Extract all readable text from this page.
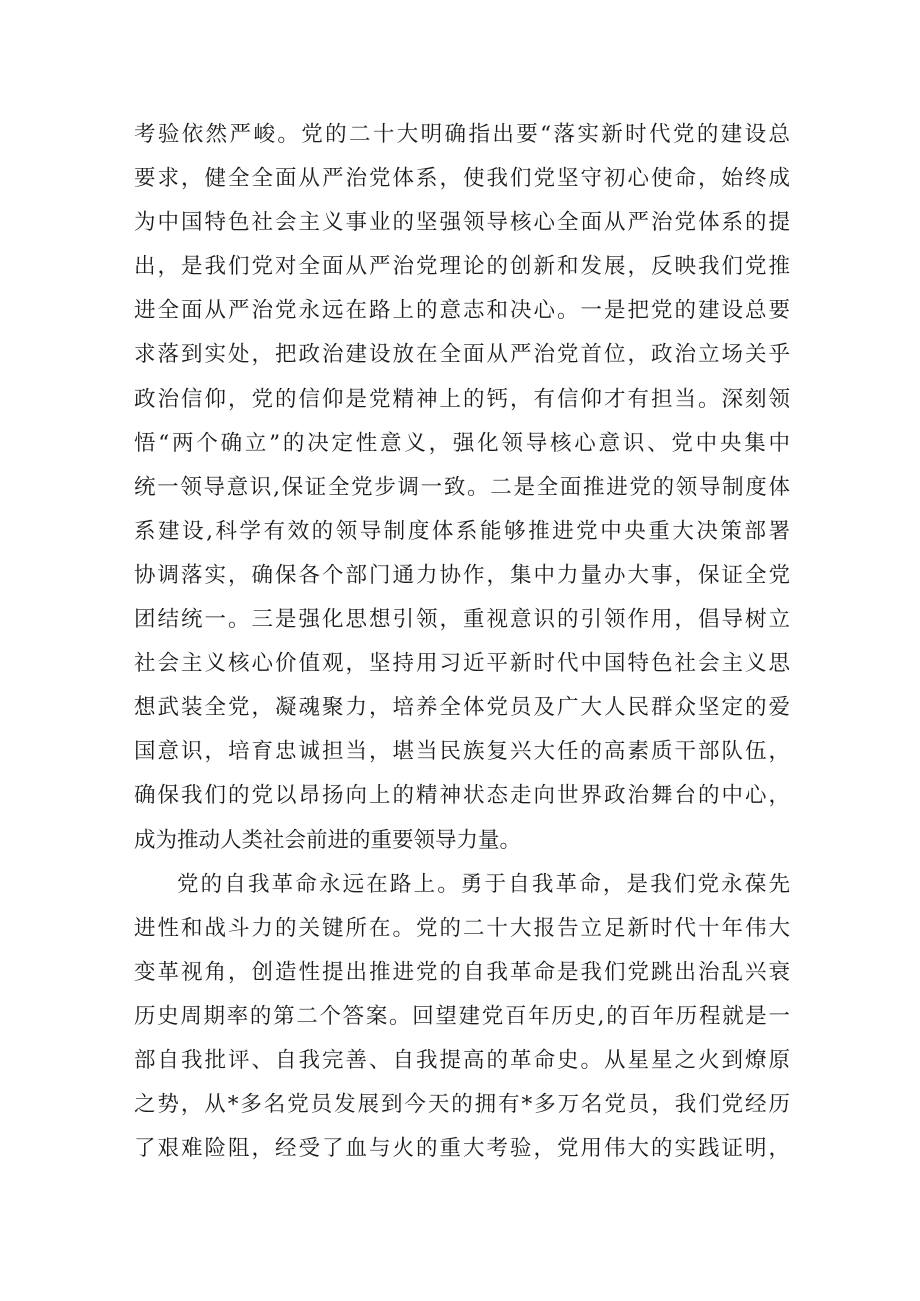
考验依然严峻。党的二十大明确指出要“落实新时代党的建设总
要求，健全全面从严治党体系，使我们党坚守初心使命，始终成
为中国特色社会主义事业的坚强领导核心全面从严治党体系的提
出，是我们党对全面从严治党理论的创新和发展，反映我们党推
进全面从严治党永远在路上的意志和决心。一是把党的建设总要
求落到实处，把政治建设放在全面从严治党首位，政治立场关乎
政治信仰，党的信仰是党精神上的钙，有信仰才有担当。深刻领
悟“两个确立”的决定性意义，强化领导核心意识、党中央集中
统一领导意识,保证全党步调一致。二是全面推进党的领导制度体
系建设,科学有效的领导制度体系能够推进党中央重大决策部署
协调落实，确保各个部门通力协作，集中力量办大事，保证全党
团结统一。三是强化思想引领，重视意识的引领作用，倡导树立
社会主义核心价值观，坚持用习近平新时代中国特色社会主义思
想武装全党，凝魂聚力，培养全体党员及广大人民群众坚定的爱
国意识，培育忠诚担当，堪当民族复兴大任的高素质干部队伍，
确保我们的党以昂扬向上的精神状态走向世界政治舞台的中心，
成为推动人类社会前进的重要领导力量。
党的自我革命永远在路上。勇于自我革命，是我们党永葆先
进性和战斗力的关键所在。党的二十大报告立足新时代十年伟大
变革视角，创造性提出推进党的自我革命是我们党跳出治乱兴衰
历史周期率的第二个答案。回望建党百年历史,的百年历程就是一
部自我批评、自我完善、自我提高的革命史。从星星之火到燎原
之势，从*多名党员发展到今天的拥有*多万名党员，我们党经历
了艰难险阻，经受了血与火的重大考验，党用伟大的实践证明，
